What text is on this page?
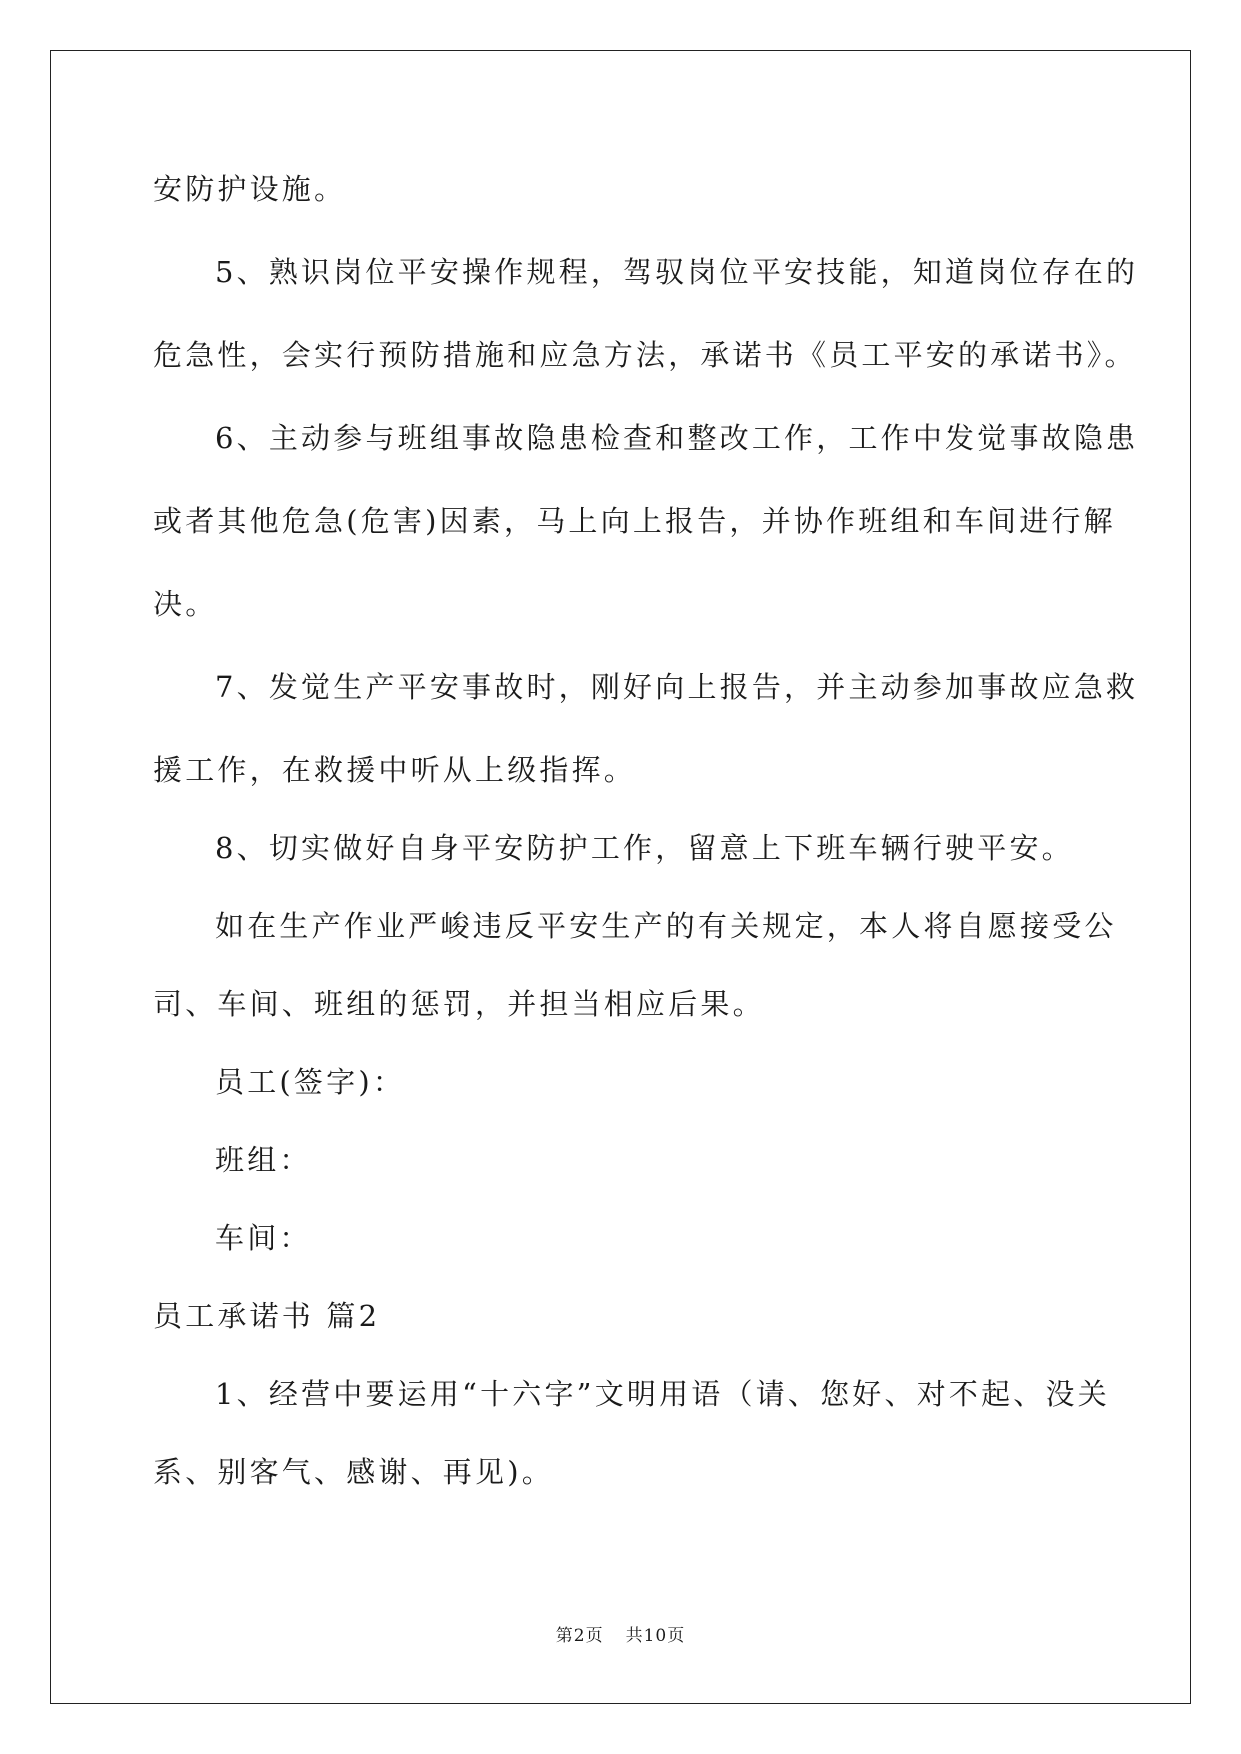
安防护设施。
5、熟识岗位平安操作规程，驾驭岗位平安技能，知道岗位存在的
危急性，会实行预防措施和应急方法，承诺书《员工平安的承诺书》。
6、主动参与班组事故隐患检查和整改工作，工作中发觉事故隐患
或者其他危急(危害)因素，马上向上报告，并协作班组和车间进行解
决。
7、发觉生产平安事故时，刚好向上报告，并主动参加事故应急救
援工作，在救援中听从上级指挥。
8、切实做好自身平安防护工作，留意上下班车辆行驶平安。
如在生产作业严峻违反平安生产的有关规定，本人将自愿接受公
司、车间、班组的惩罚，并担当相应后果。
员工(签字)：
班组：
车间：
员工承诺书 篇2
1、经营中要运用“十六字”文明用语（请、您好、对不起、没关
系、别客气、感谢、再见)。
第2页 共10页
